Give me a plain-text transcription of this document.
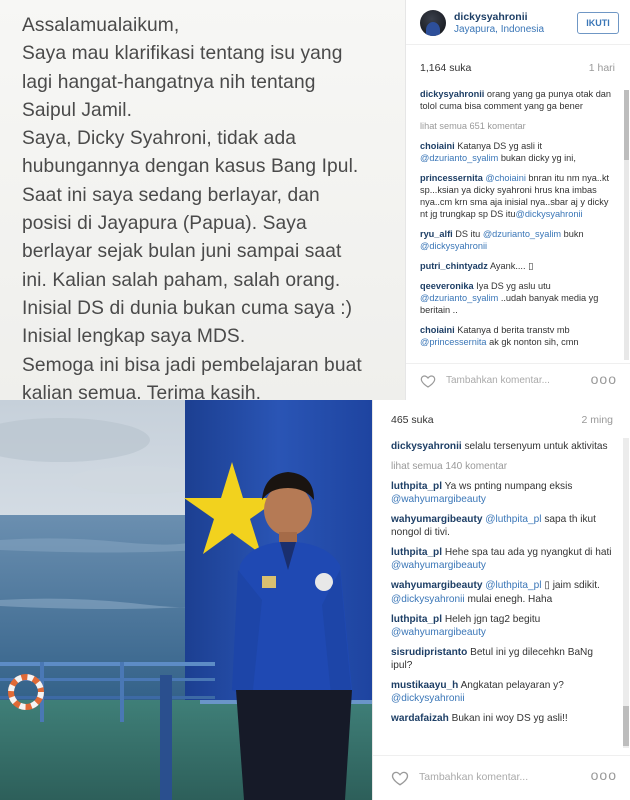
Assalamualaikum,
Saya mau klarifikasi tentang isu yang
lagi hangat-hangatnya nih tentang
Saipul Jamil.
Saya, Dicky Syahroni, tidak ada
hubungannya dengan kasus Bang Ipul.
Saat ini saya sedang berlayar, dan
posisi di Jayapura (Papua). Saya
berlayar sejak bulan juni sampai saat
ini. Kalian salah paham, salah orang.
Inisial DS di dunia bukan cuma saya :)
Inisial lengkap saya MDS.
Semoga ini bisa jadi pembelajaran buat
kalian semua. Terima kasih.
dickysyahronii
Jayapura, Indonesia
IKUTI
1,164 suka	1 hari
dickysyahronii orang yang ga punya otak dan tolol cuma bisa comment yang ga bener
lihat semua 651 komentar
choiaini Katanya DS yg asli it @dzurianto_syalim bukan dicky yg ini,
princessernita @choiaini bnran itu nm nya..kt sp...ksian ya dicky syahroni hrus kna imbas nya..cm krn sma aja inisial nya..sbar aj y dicky nt jg trungkap sp DS itu@dickysyahronii
ryu_alfi DS itu @dzurianto_syalim bukn @dickysyahronii
putri_chintyadz Ayank.... ▯
qeeveronika Iya DS yg aslu utu @dzurianto_syalim ..udah banyak media yg beritain ..
choiaini Katanya d berita transtv mb @princessernita ak gk nonton sih, cmn
Tambahkan komentar...	ooo
465 suka	2 ming
dickysyahronii selalu tersenyum untuk aktivitas
lihat semua 140 komentar
luthpita_pl Ya ws pnting numpang eksis @wahyumargibeauty
wahyumargibeauty @luthpita_pl sapa th ikut nongol di tivi.
luthpita_pl Hehe spa tau ada yg nyangkut di hati @wahyumargibeauty
wahyumargibeauty @luthpita_pl ▯ jaim sdikit. @dickysyahronii mulai enegh. Haha
luthpita_pl Heleh jgn tag2 begitu @wahyumargibeauty
sisrudipristanto Betul ini yg dilecehkn BaNg ipul?
mustikaayu_h Angkatan pelayaran y? @dickysyahronii
wardafaizah Bukan ini woy DS yg asli!!
Tambahkan komentar...	ooo
